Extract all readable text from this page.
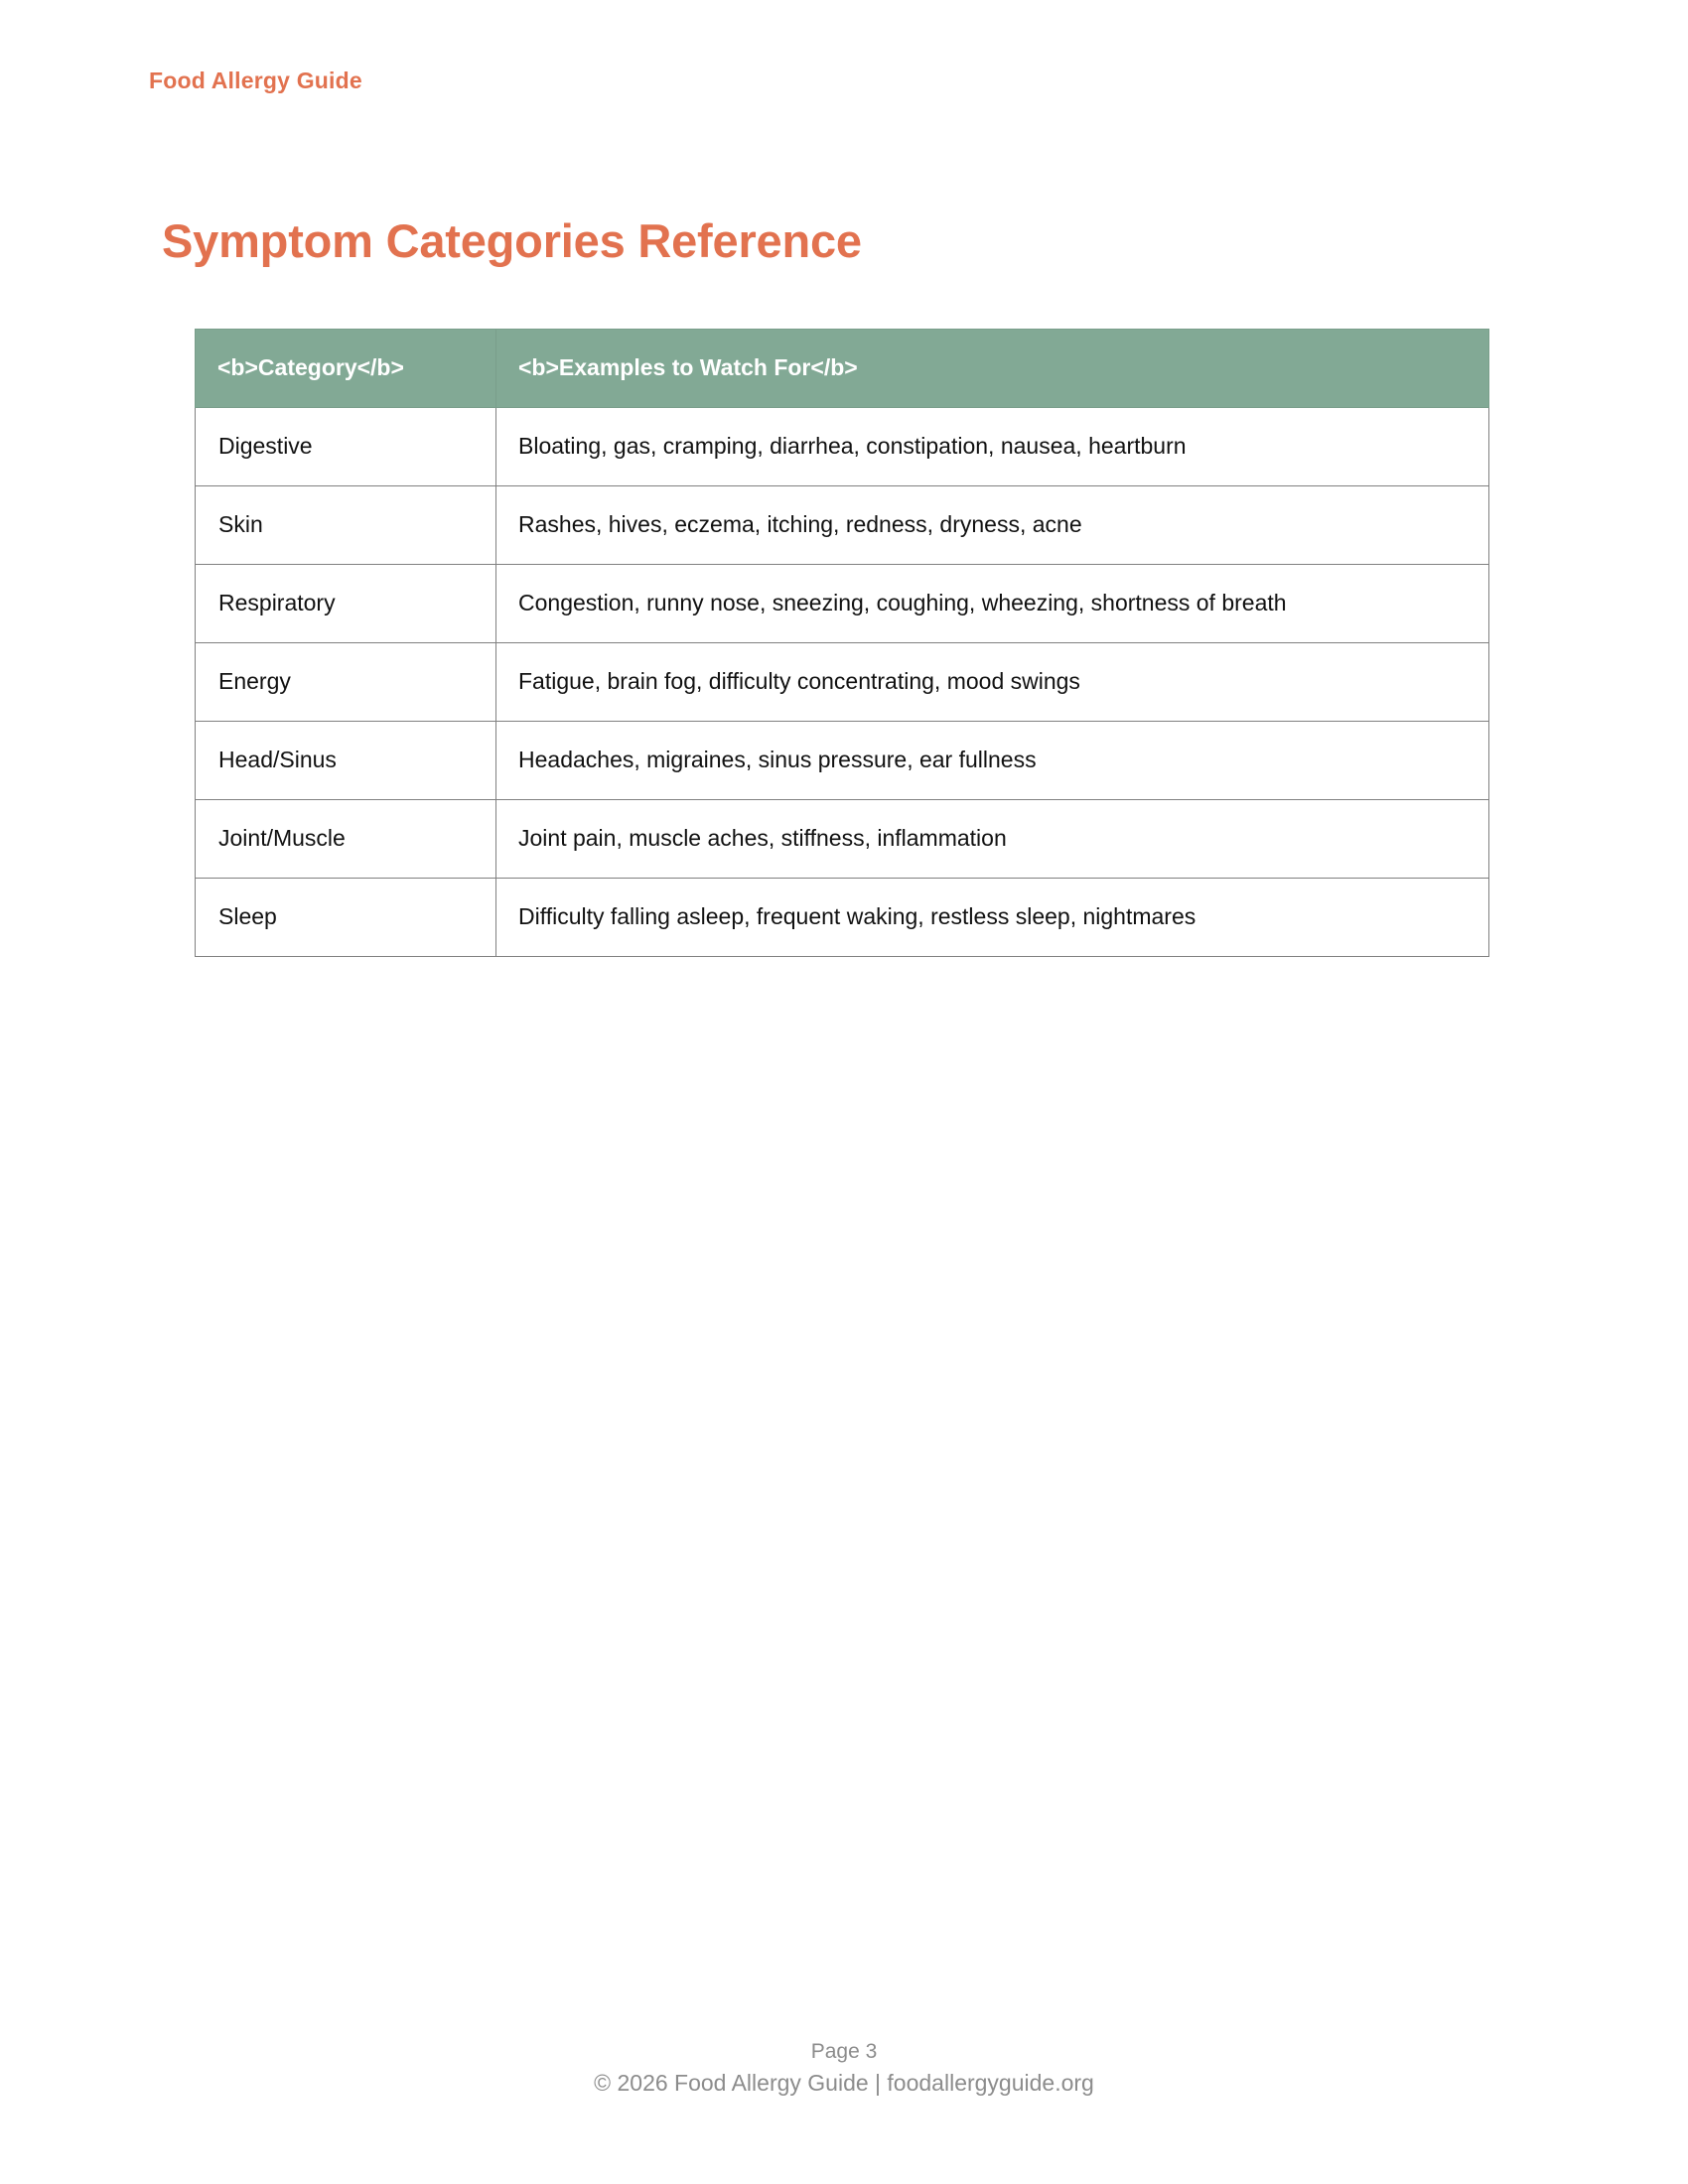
Food Allergy Guide
Symptom Categories Reference
<b>Category</b>	<b>Examples to Watch For</b>
Digestive	Bloating, gas, cramping, diarrhea, constipation, nausea, heartburn
Skin	Rashes, hives, eczema, itching, redness, dryness, acne
Respiratory	Congestion, runny nose, sneezing, coughing, wheezing, shortness of breath
Energy	Fatigue, brain fog, difficulty concentrating, mood swings
Head/Sinus	Headaches, migraines, sinus pressure, ear fullness
Joint/Muscle	Joint pain, muscle aches, stiffness, inflammation
Sleep	Difficulty falling asleep, frequent waking, restless sleep, nightmares
Page 3
© 2026 Food Allergy Guide | foodallergyguide.org
